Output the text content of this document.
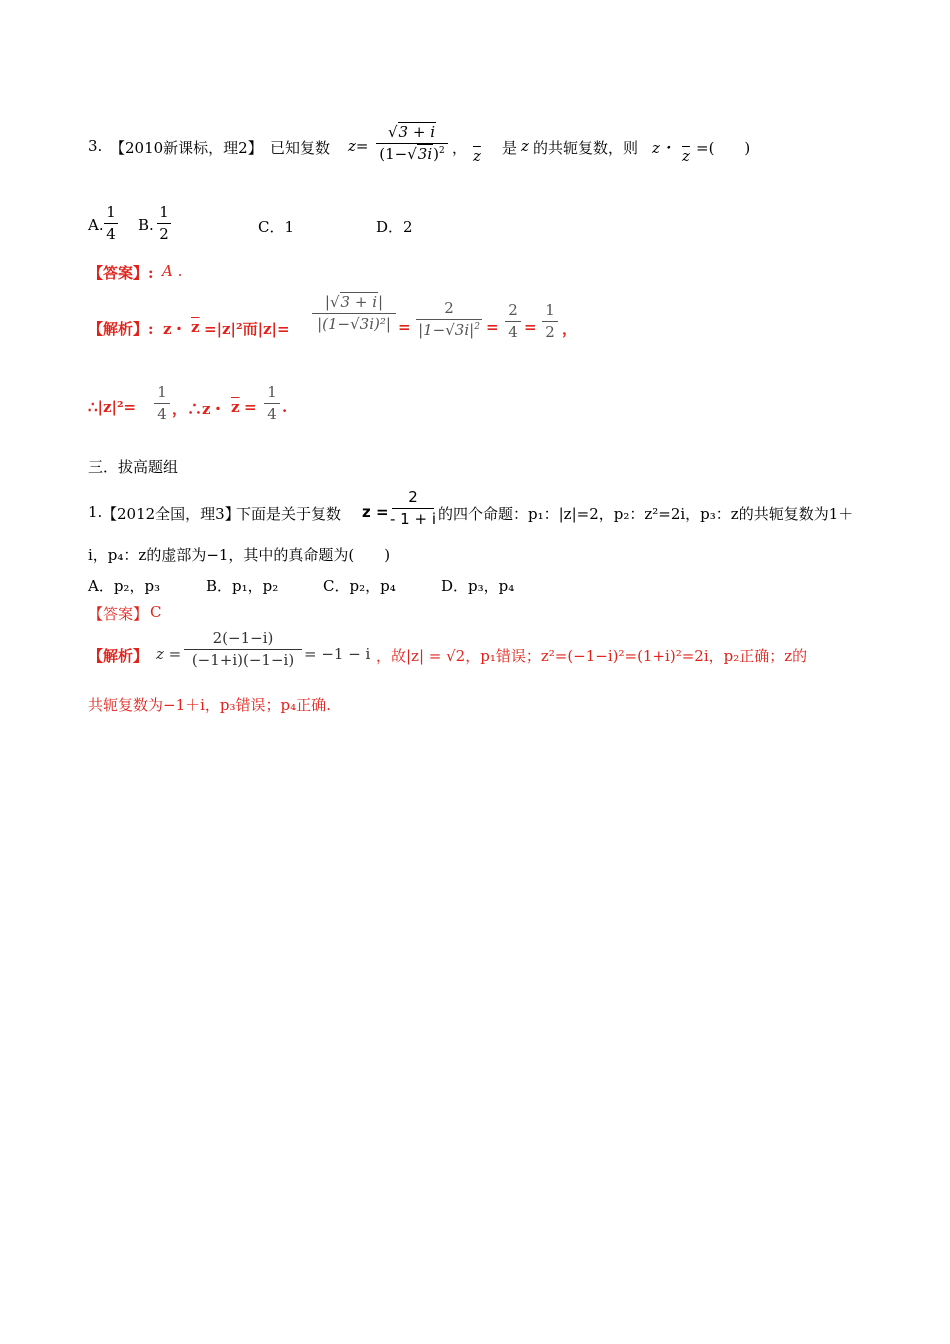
3. 【2010新课标，理2】 已知复数 z=
√3 + i
$(1-√3i)^2$ ， $\overline{z}$ 是 z 的共轭复数，则 z・ $\overline{z}$ =(　　)
A.
1
4 B.
1
2	C．1	D．2
【答案】: A .
【解析】: z・ $\overline{z} =|z|^2$而|z|=
|√3 + i|
|(1−√3i)²| =
2
$|1-√3i|^2$ =
2
4 =
1
2 ，
∴|z|²=
1
4 ，∴z・ $\overline{z}$ =
1
4 .
三．拔高题组
1. 【2012全国，理3】
下面是关于复数 z =
2
- 1 + i 的四个命题：p₁：|z|=2，p₂：z²=2i，p₃：z的共轭复数为1＋
i，p₄：z的虚部为−1，其中的真命题为(　　)
A．p₂，p₃	B．p₁，p₂	C．p₂，p₄	D．p₃，p₄
【答案】 C
【解析】 z =
2(−1−i)
(−1+i)(−1−i) = −1 − i ，故|z| = √2，p₁错误；z²=(−1−i)²=(1+i)²=2i，p₂正确；z的
共轭复数为−1＋i，p₃错误；p₄正确.
